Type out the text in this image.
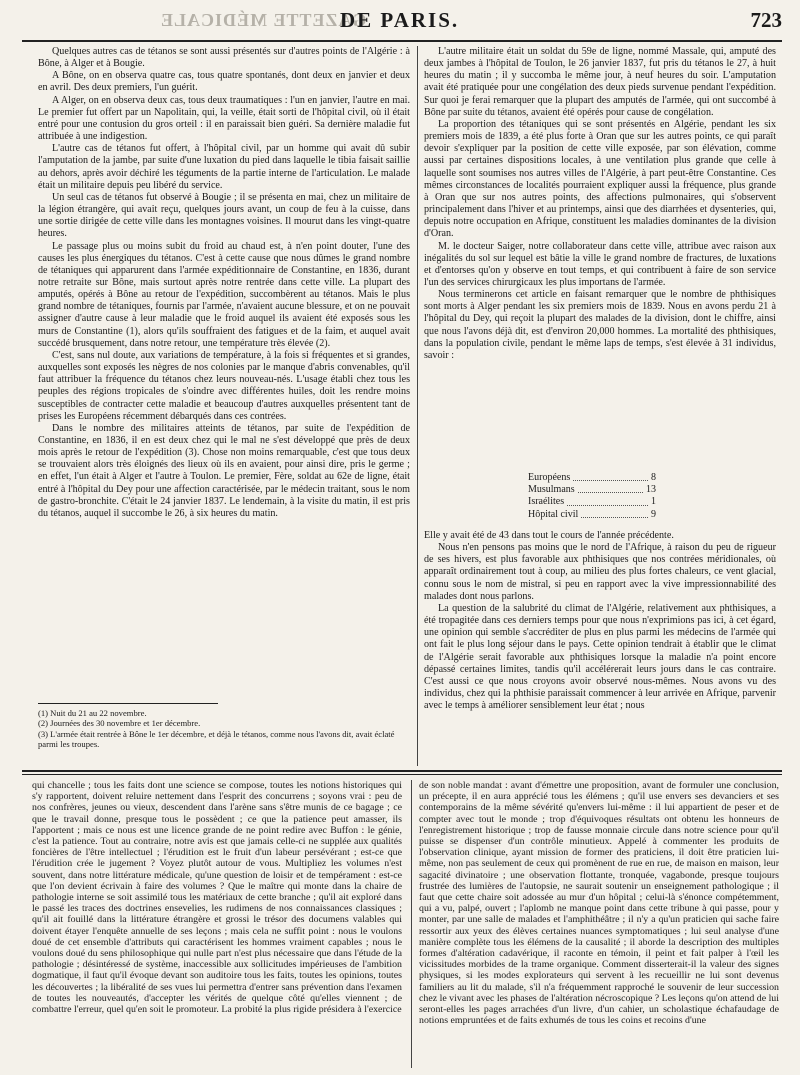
GAZETTE MÉDICALE
DE PARIS.	723

Quelques autres cas de tétanos se sont aussi présentés sur d'autres points de l'Algérie : à Bône, à Alger et à Bougie.

A Bône, on en observa quatre cas, tous quatre spontanés, dont deux en janvier et deux en avril. Des deux premiers, l'un guérit.

A Alger, on en observa deux cas, tous deux traumatiques : l'un en janvier, l'autre en mai. Le premier fut offert par un Napolitain, qui, la veille, était sorti de l'hôpital civil, où il était entré pour une contusion du gros orteil : il en paraissait bien guéri. Sa dernière maladie fut attribuée à une indigestion.

L'autre cas de tétanos fut offert, à l'hôpital civil, par un homme qui avait dû subir l'amputation de la jambe, par suite d'une luxation du pied dans laquelle le tibia faisait saillie au dehors, après avoir déchiré les téguments de la partie interne de l'articulation. Le malade était un militaire depuis peu libéré du service.

Un seul cas de tétanos fut observé à Bougie ; il se présenta en mai, chez un militaire de la légion étrangère, qui avait reçu, quelques jours avant, un coup de feu à la cuisse, dans une sortie dirigée de cette ville dans les montagnes voisines. Il mourut dans les vingt-quatre heures.

Le passage plus ou moins subit du froid au chaud est, à n'en point douter, l'une des causes les plus énergiques du tétanos. C'est à cette cause que nous dûmes le grand nombre de tétaniques qui apparurent dans l'armée expéditionnaire de Constantine, en 1836, durant notre retraite sur Bône, mais surtout après notre rentrée dans cette ville. La plupart des amputés, opérés à Bône au retour de l'expédition, succombèrent au tétanos. Mais le plus grand nombre de tétaniques, fournis par l'armée, n'avaient aucune blessure, et on ne pouvait assigner d'autre cause à leur maladie que le froid auquel ils avaient été exposés sous les murs de Constantine (1), alors qu'ils souffraient des fatigues et de la faim, et auquel avait succédé brusquement, dans notre retour, une température très élevée (2).

C'est, sans nul doute, aux variations de température, à la fois si fréquentes et si grandes, auxquelles sont exposés les nègres de nos colonies par le manque d'abris convenables, qu'il faut attribuer la fréquence du tétanos chez leurs nouveau-nés. L'usage établi chez tous les peuples des régions tropicales de s'oindre avec différentes huiles, doit les rendre moins susceptibles de contracter cette maladie et beaucoup d'autres auxquelles présentent tant de prises les Européens récemment débarqués dans ces contrées.

Dans le nombre des militaires atteints de tétanos, par suite de l'expédition de Constantine, en 1836, il en est deux chez qui le mal ne s'est développé que près de deux mois après le retour de l'expédition (3). Chose non moins remarquable, c'est que tous deux se trouvaient alors très éloignés des lieux où ils en avaient, pour ainsi dire, pris le germe ; en effet, l'un était à Alger et l'autre à Toulon. Le premier, Fère, soldat au 62e de ligne, était entré à l'hôpital du Dey pour une affection caractérisée, par le médecin traitant, sous le nom de gastro-bronchite. C'était le 24 janvier 1837. Le lendemain, à la visite du matin, il est pris du tétanos, auquel il succombe le 26, à six heures du matin.

(1) Nuit du 21 au 22 novembre.

(2) Journées des 30 novembre et 1er décembre.

(3) L'armée était rentrée à Bône le 1er décembre, et déjà le tétanos, comme nous l'avons dit, avait éclaté parmi les troupes.

L'autre militaire était un soldat du 59e de ligne, nommé Massale, qui, amputé des deux jambes à l'hôpital de Toulon, le 26 janvier 1837, fut pris du tétanos le 27, à huit heures du matin ; il y succomba le même jour, à neuf heures du soir. L'amputation avait été pratiquée pour une congélation des deux pieds survenue pendant l'expédition. Sur quoi je ferai remarquer que la plupart des amputés de l'armée, qui ont succombé à Bône par suite du tétanos, avaient été opérés pour cause de congélation.

La proportion des tétaniques qui se sont présentés en Algérie, pendant les six premiers mois de 1839, a été plus forte à Oran que sur les autres points, ce qui paraît devoir s'expliquer par la position de cette ville exposée, par son élévation, comme aussi par certaines dispositions locales, à une ventilation plus grande que celle à laquelle sont soumises nos autres villes de l'Algérie, à part peut-être Constantine. Ces mêmes circonstances de localités pourraient expliquer aussi la fréquence, plus grande à Oran que sur nos autres points, des affections pulmonaires, qui s'observent principalement dans l'hiver et au printemps, ainsi que des diarrhées et dysenteries, qui, depuis notre occupation en Afrique, constituent les maladies dominantes de la division d'Oran.

M. le docteur Saiger, notre collaborateur dans cette ville, attribue avec raison aux inégalités du sol sur lequel est bâtie la ville le grand nombre de fractures, de luxations et d'entorses qu'on y observe en tout temps, et qui contribuent à faire de son service l'un des services chirurgicaux les plus importans de l'armée.

Nous terminerons cet article en faisant remarquer que le nombre de phthisiques sont morts à Alger pendant les six premiers mois de 1839. Nous en avons perdu 21 à l'hôpital du Dey, qui reçoit la plupart des malades de la division, dont le chiffre, ainsi que nous l'avons déjà dit, est d'environ 20,000 hommes. La mortalité des phthisiques, dans la population civile, pendant le même laps de temps, s'est élevée à 31 individus, savoir :

Européens	8
Musulmans	13
Israélites	1
Hôpital civil	9

Elle y avait été de 43 dans tout le cours de l'année précédente.

Nous n'en pensons pas moins que le nord de l'Afrique, à raison du peu de rigueur de ses hivers, est plus favorable aux phthisiques que nos contrées méridionales, où apparaît ordinairement tout à coup, au milieu des plus fortes chaleurs, ce vent glacial, connu sous le nom de mistral, si peu en rapport avec la vive impressionnabilité des malades dont nous parlons.

La question de la salubrité du climat de l'Algérie, relativement aux phthisiques, a été tropagitée dans ces derniers temps pour que nous n'exprimions pas ici, à cet égard, une opinion qui semble s'accréditer de plus en plus parmi les médecins de l'armée qui ont fait le plus long séjour dans le pays. Cette opinion tendrait à établir que le climat de l'Algérie serait favorable aux phthisiques lorsque la maladie n'a point encore dépassé certaines limites, tandis qu'il accélérerait leurs jours dans le cas contraire. C'est aussi ce que nous croyons avoir observé nous-mêmes. Nous avons vu des individus, chez qui la phthisie paraissait commencer à leur arrivée en Afrique, parvenir avec le temps à améliorer sensiblement leur état ; nous

qui chancelle ; tous les faits dont une science se compose, toutes les notions historiques qui s'y rapportent, doivent reluire nettement dans l'esprit des concurrens ; soyons vrai : peu de nos confrères, jeunes ou vieux, descendent dans l'arène sans s'être munis de ce bagage ; ce que le travail donne, presque tous le possèdent ; ce que la patience peut amasser, ils l'apportent ; mais ce nous est une licence grande de ne point redire avec Buffon : le génie, c'est la patience. Tout au contraire, notre avis est que jamais celle-ci ne supplée aux qualités foncières de l'être intellectuel ; l'érudition est le fruit d'un labeur persévérant ; est-ce que l'érudition crée le jugement ? Voyez plutôt autour de vous. Multipliez les volumes n'est souvent, dans notre littérature médicale, qu'une question de loisir et de tempérament : est-ce que l'on devient écrivain à faire des volumes ? Que le maître qui monte dans la chaire de pathologie interne se soit assimilé tous les matériaux de cette branche ; qu'il ait exploré dans le passé les traces des doctrines ensevelies, les rudimens de nos connaissances classiques ; qu'il ait fouillé dans la littérature étrangère et grossi le trésor des documens valables qui doivent étayer l'enquête annuelle de ses leçons ; mais cela ne suffit point : nous le voulons doué de cet ensemble d'attributs qui caractérisent les hommes vraiment capables ; nous le voulons doué du sens philosophique qui nulle part n'est plus nécessaire que dans l'étude de la pathologie ; désintéressé de système, inaccessible aux sollicitudes impérieuses de l'ambition dogmatique, il faut qu'il évoque devant son auditoire tous les faits, toutes les opinions, toutes les découvertes ; la libéralité de ses vues lui permettra d'entrer sans prévention dans l'examen de toutes les nouveautés, d'accepter les vérités de quelque côté qu'elles viennent ; de combattre l'erreur, quel qu'en soit le promoteur. La probité la plus rigide présidera à l'exercice

de son noble mandat : avant d'émettre une proposition, avant de formuler une conclusion, un précepte, il en aura apprécié tous les élémens ; qu'il use envers ses devanciers et ses contemporains de la même sévérité qu'envers lui-même : il lui appartient de peser et de compter avec tout le monde ; trop d'équivoques résultats ont obtenu les honneurs de l'enregistrement historique ; trop de fausse monnaie circule dans notre science pour qu'il puisse se dispenser d'un contrôle minutieux. Appelé à commenter les produits de l'observation clinique, ayant mission de former des praticiens, il doit être praticien lui-même, non pas seulement de ceux qui promènent de rue en rue, de maison en maison, leur sagacité divinatoire ; une observation flottante, tronquée, vagabonde, presque toujours frustrée des lumières de l'autopsie, ne saurait soutenir un enseignement pathologique ; il faut que cette chaire soit adossée au mur d'un hôpital ; celui-là s'énonce compétemment, qui a vu, palpé, ouvert ; l'aplomb ne manque point dans cette tribune à qui passe, pour y monter, par une salle de malades et l'amphithéâtre ; il n'y a qu'un praticien qui sache faire ressortir aux yeux des élèves certaines nuances symptomatiques ; lui seul analyse d'une manière complète tous les élémens de la causalité ; il aborde la description des multiples formes d'altération cadavérique, il raconte en témoin, il peint et fait palper à l'œil les vicissitudes morbides de la trame organique. Comment disserterait-il la valeur des signes physiques, si les modes explorateurs qui servent à les recueillir ne lui sont devenus familiers au lit du malade, s'il n'a fréquemment rapproché le souvenir de leur succession chez le vivant avec les phases de l'altération nécroscopique ? Les leçons qu'on attend de lui seront-elles les pages arrachées d'un livre, d'un cahier, un scholastique échafaudage de notions empruntées et de faits exhumés de tous les coins et recoins d'une
